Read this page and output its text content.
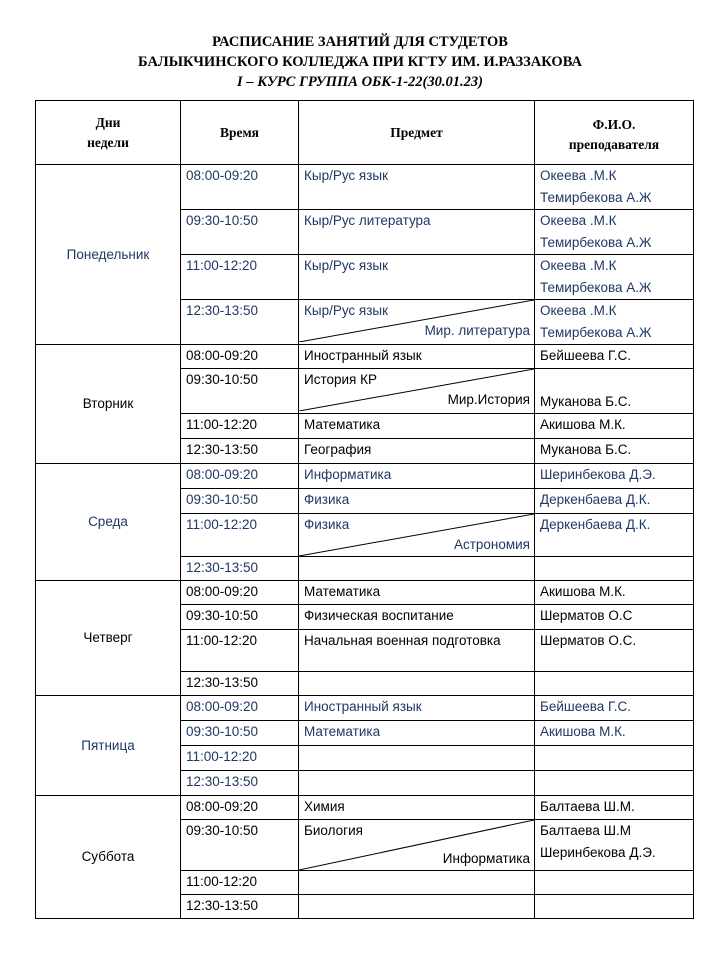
РАСПИСАНИЕ ЗАНЯТИЙ ДЛЯ СТУДЕТОВ
БАЛЫКЧИНСКОГО КОЛЛЕДЖА ПРИ КГТУ ИМ. И.РАЗЗАКОВА
I – КУРС ГРУППА ОБК-1-22(30.01.23)
Дни
недели	Время	Предмет	Ф.И.О.
преподавателя

Понедельник	08:00-09:20	Кыр/Рус язык	Океева .М.К
Темирбекова А.Ж

	09:30-10:50	Кыр/Рус литература	Океева .М.К
Темирбекова А.Ж

	11:00-12:20	Кыр/Рус язык	Океева .М.К
Темирбекова А.Ж

	12:30-13:50	Кыр/Рус язык
Мир. литература	Океева .М.К
Темирбекова А.Ж

Вторник	08:00-09:20	Иностранный язык	Бейшеева Г.С.

	09:30-10:50	История КР
Мир.История	Муканова Б.С.

	11:00-12:20	Математика	Акишова М.К.

	12:30-13:50	География	Муканова Б.С.

Среда	08:00-09:20	Информатика	Шеринбекова Д.Э.

	09:30-10:50	Физика	Деркенбаева Д.К.

	11:00-12:20	Физика
Астрономия	Деркенбаева Д.К.

	12:30-13:50		

Четверг	08:00-09:20	Математика	Акишова М.К.

	09:30-10:50	Физическая воспитание	Шерматов О.С

	11:00-12:20	Начальная военная подготовка	Шерматов О.С.

	12:30-13:50		

Пятница	08:00-09:20	Иностранный язык	Бейшеева Г.С.

	09:30-10:50	Математика	Акишова М.К.

	11:00-12:20		

	12:30-13:50		

Суббота	08:00-09:20	Химия	Балтаева Ш.М.

	09:30-10:50	Биология
Информатика	Балтаева Ш.М
Шеринбекова Д.Э.

	11:00-12:20		

	12:30-13:50		
